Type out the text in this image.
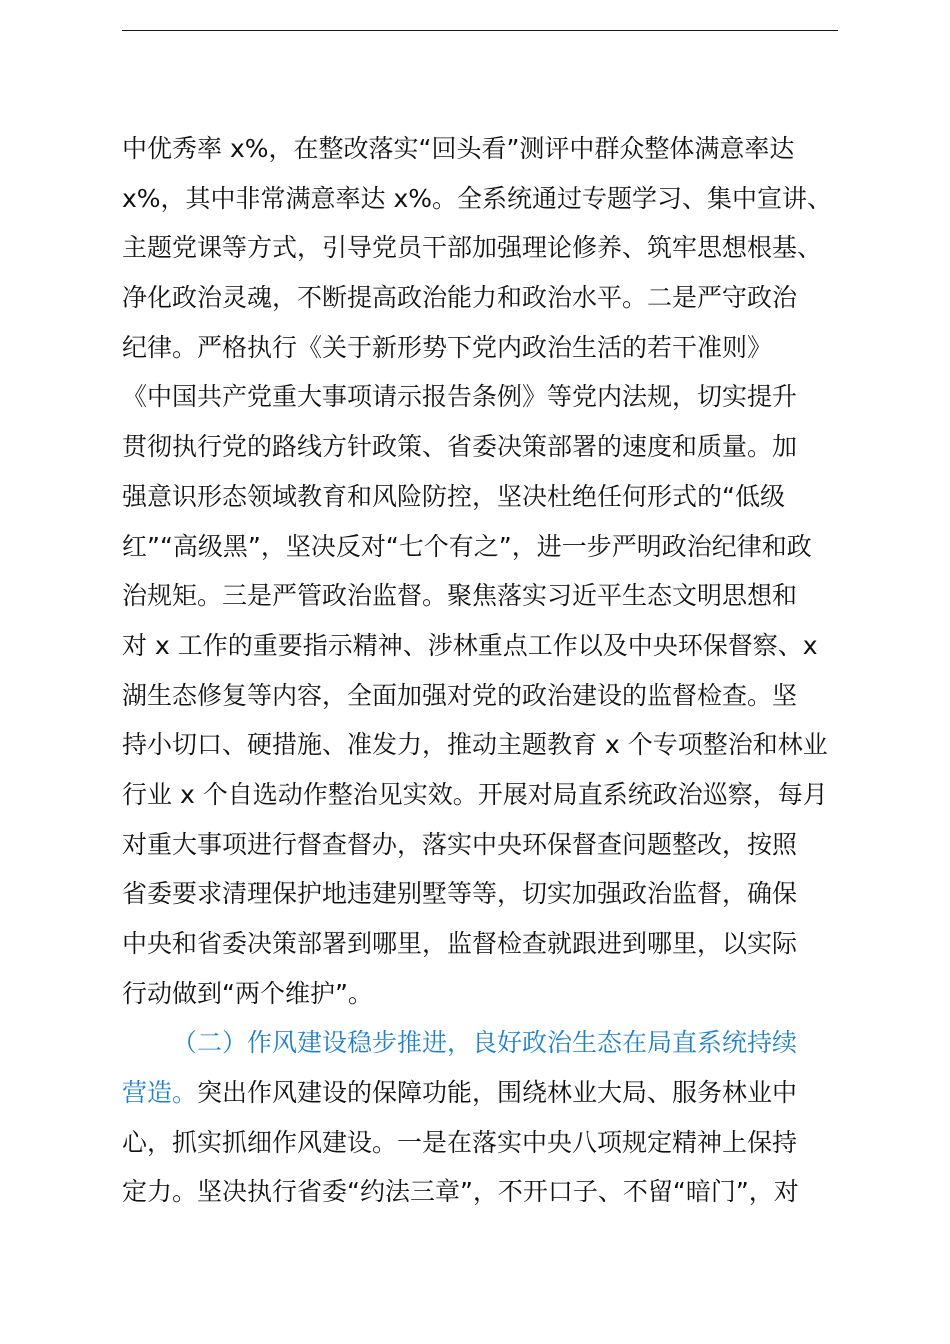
中优秀率 x%，在整改落实“回头看”测评中群众整体满意率达
x%，其中非常满意率达 x%。全系统通过专题学习、集中宣讲、
主题党课等方式，引导党员干部加强理论修养、筑牢思想根基、
净化政治灵魂，不断提高政治能力和政治水平。二是严守政治
纪律。严格执行《关于新形势下党内政治生活的若干准则》
《中国共产党重大事项请示报告条例》等党内法规，切实提升
贯彻执行党的路线方针政策、省委决策部署的速度和质量。加
强意识形态领域教育和风险防控，坚决杜绝任何形式的“低级
红”“高级黑”，坚决反对“七个有之”，进一步严明政治纪律和政
治规矩。三是严管政治监督。聚焦落实习近平生态文明思想和
对 x 工作的重要指示精神、涉林重点工作以及中央环保督察、x
湖生态修复等内容，全面加强对党的政治建设的监督检查。坚
持小切口、硬措施、准发力，推动主题教育 x 个专项整治和林业
行业 x 个自选动作整治见实效。开展对局直系统政治巡察，每月
对重大事项进行督查督办，落实中央环保督查问题整改，按照
省委要求清理保护地违建别墅等等，切实加强政治监督，确保
中央和省委决策部署到哪里，监督检查就跟进到哪里，以实际
行动做到“两个维护”。
（二）作风建设稳步推进，良好政治生态在局直系统持续
营造。突出作风建设的保障功能，围绕林业大局、服务林业中
心，抓实抓细作风建设。一是在落实中央八项规定精神上保持
定力。坚决执行省委“约法三章”，不开口子、不留“暗门”，对
